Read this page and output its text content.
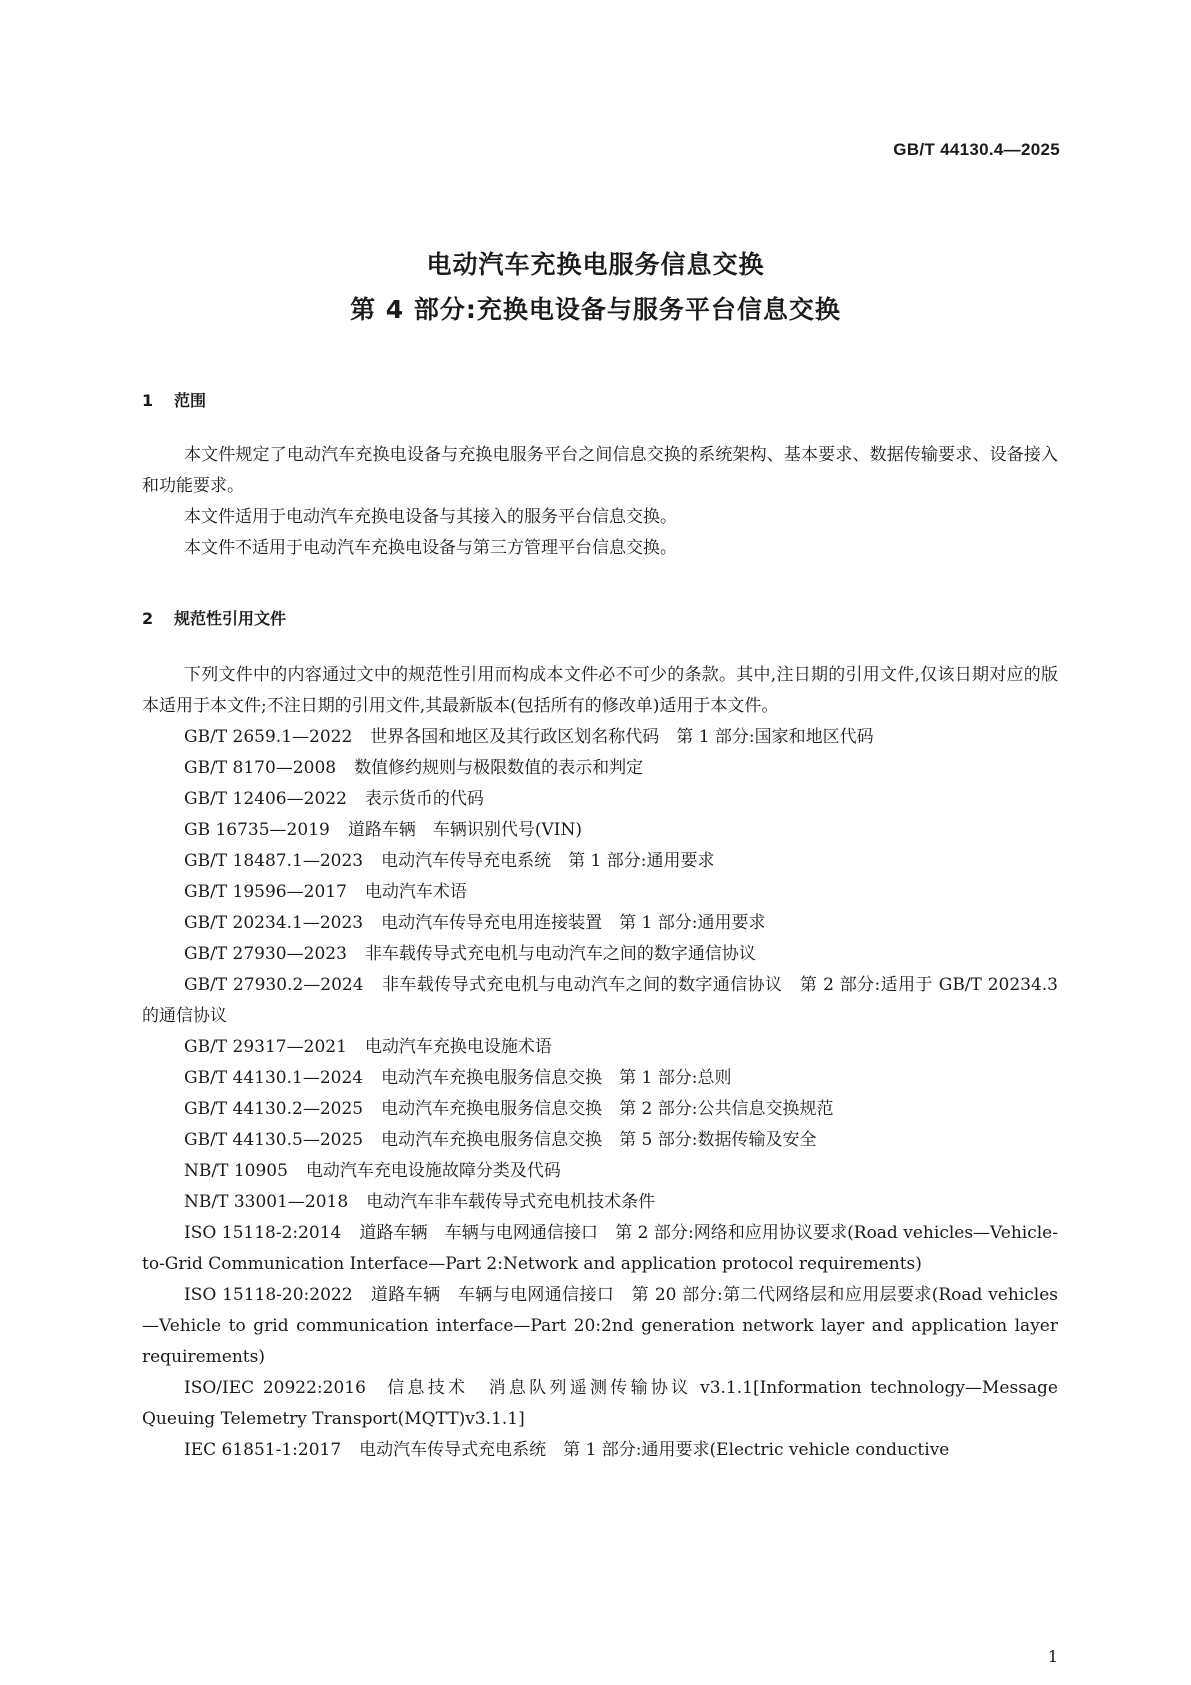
GB/T 44130.4—2025
电动汽车充换电服务信息交换
第 4 部分:充换电设备与服务平台信息交换
1 范围

本文件规定了电动汽车充换电设备与充换电服务平台之间信息交换的系统架构、基本要求、数据传输要求、设备接入和功能要求。

本文件适用于电动汽车充换电设备与其接入的服务平台信息交换。

本文件不适用于电动汽车充换电设备与第三方管理平台信息交换。

2 规范性引用文件

下列文件中的内容通过文中的规范性引用而构成本文件必不可少的条款。其中,注日期的引用文件,仅该日期对应的版本适用于本文件;不注日期的引用文件,其最新版本(包括所有的修改单)适用于本文件。

GB/T 2659.1—2022 世界各国和地区及其行政区划名称代码　第 1 部分:国家和地区代码

GB/T 8170—2008 数值修约规则与极限数值的表示和判定

GB/T 12406—2022 表示货币的代码

GB 16735—2019 道路车辆　车辆识别代号(VIN)

GB/T 18487.1—2023 电动汽车传导充电系统　第 1 部分:通用要求

GB/T 19596—2017 电动汽车术语

GB/T 20234.1—2023 电动汽车传导充电用连接装置　第 1 部分:通用要求

GB/T 27930—2023 非车载传导式充电机与电动汽车之间的数字通信协议

GB/T 27930.2—2024 非车载传导式充电机与电动汽车之间的数字通信协议　第 2 部分:适用于 GB/T 20234.3 的通信协议

GB/T 29317—2021 电动汽车充换电设施术语

GB/T 44130.1—2024 电动汽车充换电服务信息交换　第 1 部分:总则

GB/T 44130.2—2025 电动汽车充换电服务信息交换　第 2 部分:公共信息交换规范

GB/T 44130.5—2025 电动汽车充换电服务信息交换　第 5 部分:数据传输及安全

NB/T 10905 电动汽车充电设施故障分类及代码

NB/T 33001—2018 电动汽车非车载传导式充电机技术条件

ISO 15118-2:2014 道路车辆　车辆与电网通信接口　第 2 部分:网络和应用协议要求(Road vehicles—Vehicle-to-Grid Communication Interface—Part 2:Network and application protocol requirements)

ISO 15118-20:2022 道路车辆　车辆与电网通信接口　第 20 部分:第二代网络层和应用层要求(Road vehicles—Vehicle to grid communication interface—Part 20:2nd generation network layer and application layer requirements)

ISO/IEC 20922:2016 信息技术　消息队列遥测传输协议 v3.1.1[Information technology—Message Queuing Telemetry Transport(MQTT)v3.1.1]

IEC 61851-1:2017 电动汽车传导式充电系统　第 1 部分:通用要求(Electric vehicle conductive

1
